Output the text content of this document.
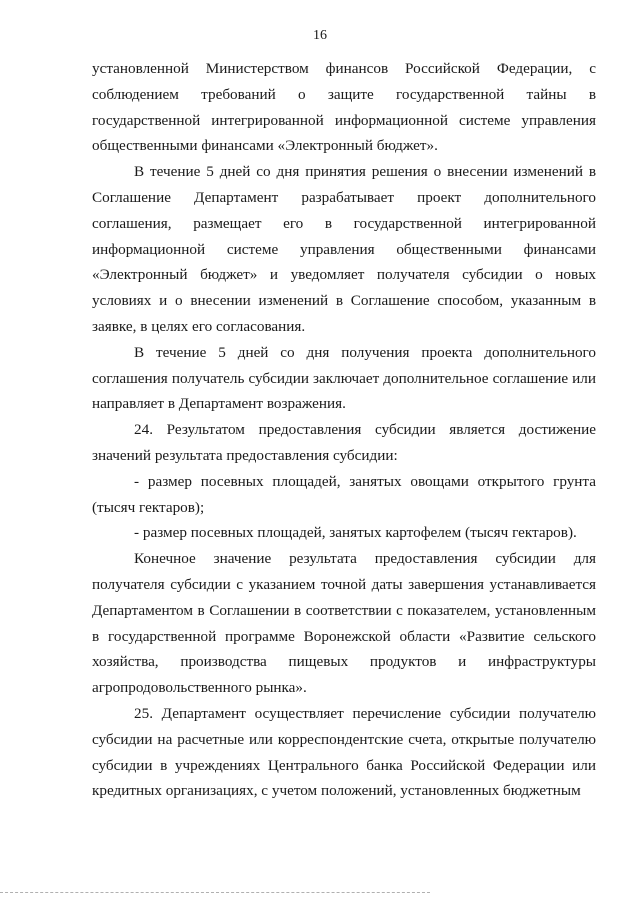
16

установленной Министерством финансов Российской Федерации, с соблюдением требований о защите государственной тайны в государственной интегрированной информационной системе управления общественными финансами «Электронный бюджет».

В течение 5 дней со дня принятия решения о внесении изменений в Соглашение Департамент разрабатывает проект дополнительного соглашения, размещает его в государственной интегрированной информационной системе управления общественными финансами «Электронный бюджет» и уведомляет получателя субсидии о новых условиях и о внесении изменений в Соглашение способом, указанным в заявке, в целях его согласования.

В течение 5 дней со дня получения проекта дополнительного соглашения получатель субсидии заключает дополнительное соглашение или направляет в Департамент возражения.

24. Результатом предоставления субсидии является достижение значений результата предоставления субсидии:

- размер посевных площадей, занятых овощами открытого грунта (тысяч гектаров);

- размер посевных площадей, занятых картофелем (тысяч гектаров).

Конечное значение результата предоставления субсидии для получателя субсидии с указанием точной даты завершения устанавливается Департаментом в Соглашении в соответствии с показателем, установленным в государственной программе Воронежской области «Развитие сельского хозяйства, производства пищевых продуктов и инфраструктуры агропродовольственного рынка».

25. Департамент осуществляет перечисление субсидии получателю субсидии на расчетные или корреспондентские счета, открытые получателю субсидии в учреждениях Центрального банка Российской Федерации или кредитных организациях, с учетом положений, установленных бюджетным
